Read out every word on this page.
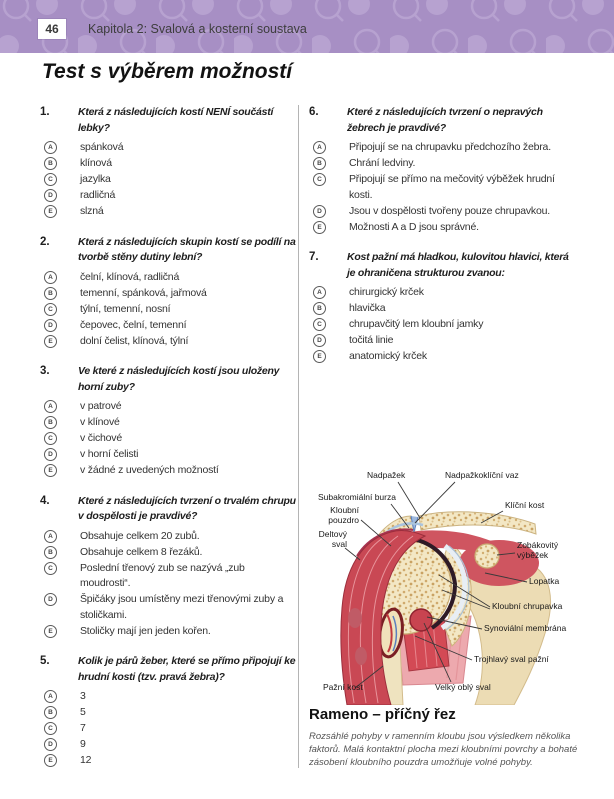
46	Kapitola 2: Svalová a kosterní soustava
Test s výběrem možností
1.	Která z následujících kostí NENÍ součástí lebky?
A	spánková
B	klínová
C	jazylka
D	radličná
E	slzná
2.	Která z následujících skupin kostí se podílí na tvorbě stěny dutiny lební?
A	čelní, klínová, radličná
B	temenní, spánková, jařmová
C	týlní, temenní, nosní
D	čepovec, čelní, temenní
E	dolní čelist, klínová, týlní
3.	Ve které z následujících kostí jsou uloženy horní zuby?
A	v patrové
B	v klínové
C	v čichové
D	v horní čelisti
E	v žádné z uvedených možností
4.	Které z následujících tvrzení o trvalém chrupu v dospělosti je pravdivé?
A	Obsahuje celkem 20 zubů.
B	Obsahuje celkem 8 řezáků.
C	Poslední třenový zub se nazývá „zub moudrosti“.
D	Špičáky jsou umístěny mezi třenovými zuby a stoličkami.
E	Stoličky mají jen jeden kořen.
5.	Kolik je párů žeber, které se přímo připojují ke hrudní kosti (tzv. pravá žebra)?
A	3
B	5
C	7
D	9
E	12
6.	Které z následujících tvrzení o nepravých žebrech je pravdivé?
A	Připojují se na chrupavku předchozího žebra.
B	Chrání ledviny.
C	Připojují se přímo na mečovitý výběžek hrudní kosti.
D	Jsou v dospělosti tvořeny pouze chrupavkou.
E	Možnosti A a D jsou správné.
7.	Kost pažní má hladkou, kulovitou hlavici, která je ohraničena strukturou zvanou:
A	chirurgický krček
B	hlavička
C	chrupavčitý lem kloubní jamky
D	točitá linie
E	anatomický krček
Nadpažek	Nadpažkoklíční vaz
Subakromiální burza
Kloubní pouzdro
Deltový sval
Klíční kost
Zobákovitý výběžek
Lopatka
Kloubní chrupavka
Synoviální membrána
Trojhlavý sval pažní
Velký oblý sval
Pažní kost
Rameno – příčný řez
Rozsáhlé pohyby v ramenním kloubu jsou výsledkem několika faktorů. Malá kontaktní plocha mezi kloubními povrchy a bohaté zásobení kloubního pouzdra umožňuje volné pohyby.
